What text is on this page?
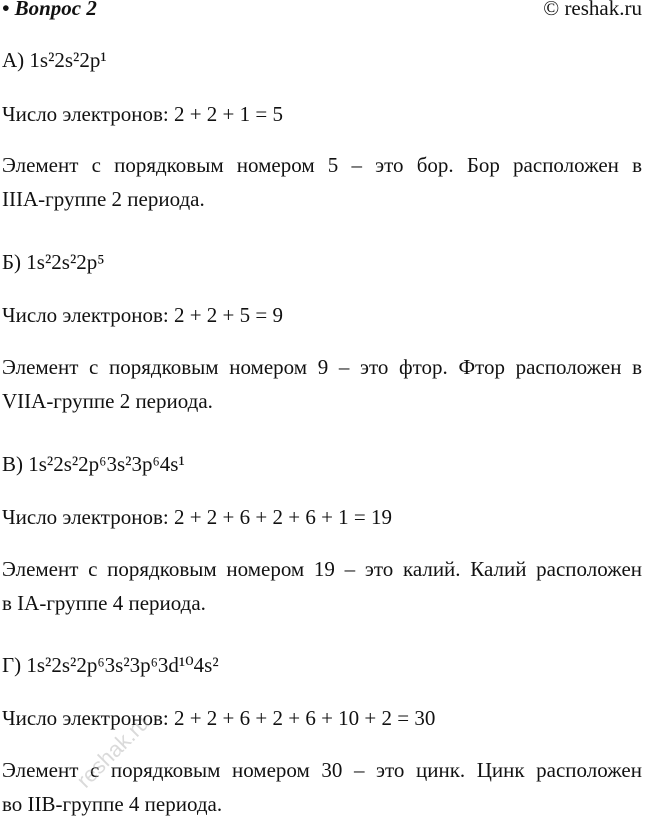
• Вопрос 2	© reshak.ru
А) 1s²2s²2p¹
Число электронов: 2 + 2 + 1 = 5
Элемент с порядковым номером 5 – это бор. Бор расположен в
IIIA-группе 2 периода.
Б) 1s²2s²2p⁵
Число электронов: 2 + 2 + 5 = 9
Элемент с порядковым номером 9 – это фтор. Фтор расположен в
VIIA-группе 2 периода.
В) 1s²2s²2p⁶3s²3p⁶4s¹
Число электронов: 2 + 2 + 6 + 2 + 6 + 1 = 19
Элемент с порядковым номером 19 – это калий. Калий расположен
в IA-группе 4 периода.
Г) 1s²2s²2p⁶3s²3p⁶3d¹⁰4s²
Число электронов: 2 + 2 + 6 + 2 + 6 + 10 + 2 = 30
Элемент с порядковым номером 30 – это цинк. Цинк расположен
во IIB-группе 4 периода.
reshak.ru
